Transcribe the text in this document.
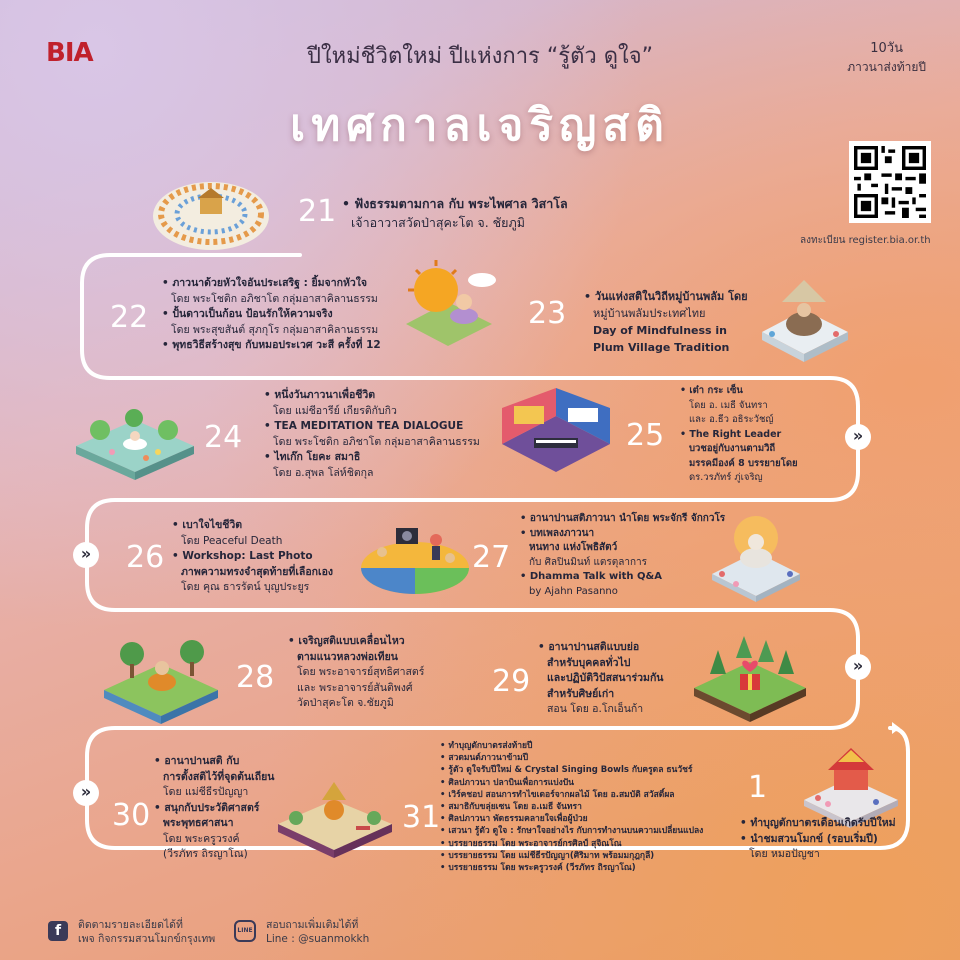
BIA	ปีใหม่ชีวิตใหม่ ปีแห่งการ “รู้ตัว ดูใจ”
เทศกาลเจริญสติ
10วัน
ภาวนาส่งท้ายปี
ลงทะเบียน register.bia.or.th
»
»
»
»
21
22	23
24	25
26	27
28	29
30	31
1
• ฟังธรรมตามกาล กับ พระไพศาล วิสาโล
เจ้าอาวาสวัดป่าสุคะโต จ. ชัยภูมิ
• ภาวนาด้วยหัวใจอันประเสริฐ : ยิ้มจากหัวใจ
โดย พระโชติก อภิชาโต กลุ่มอาสาคิลานธรรม
• ปั้นดาวเป็นก้อน ป้อนรักให้ความจริง
โดย พระสุขสันต์ สุภกุโร กลุ่มอาสาคิลานธรรม
• พุทธวิธีสร้างสุข กับหมอประเวศ วะสี ครั้งที่ 12
• วันแห่งสติในวิถีหมู่บ้านพลัม โดย
หมู่บ้านพลัมประเทศไทย
Day of Mindfulness in
Plum Village Tradition
• หนึ่งวันภาวนาเพื่อชีวิต
โดย แม่ชีอารีย์ เกียรติกับกิว
• TEA MEDITATION TEA DIALOGUE
โดย พระโชติก อภิชาโต กลุ่มอาสาคิลานธรรม
• ไทเก๊ก โยคะ สมาธิ
โดย อ.สุพล โล่ห์ชิตกุล
• เต๋า กระ เซ็น
โดย อ. เมธี จันทรา
และ อ.ธีว อธิระวัชญ์
• The Right Leader
บวชอยู่กับงานตามวิถี
มรรคมีองค์ 8 บรรยายโดย
ดร.วรภัทร์ ภู่เจริญ
• เบาใจไขชีวิต
โดย Peaceful Death
• Workshop: Last Photo
ภาพความทรงจำสุดท้ายที่เลือกเอง
โดย คุณ ธารรัตน์ บุญประยูร
• อานาปานสติภาวนา นำโดย พระจักรี จักกวโร
• บทเพลงภาวนา
หนทาง แห่งโพธิสัตว์
กับ ศิลปินมินท์ แตรตุลาการ
• Dhamma Talk with Q&A
by Ajahn Pasanno
• เจริญสติแบบเคลื่อนไหว
ตามแนวหลวงพ่อเทียน
โดย พระอาจารย์สุทธิศาสตร์
และ พระอาจารย์สันติพงศ์
วัดป่าสุคะโต จ.ชัยภูมิ
• อานาปานสติแบบย่อ
สำหรับบุคคลทั่วไป
และปฏิบัติวิปัสสนาร่วมกัน
สำหรับศิษย์เก่า
สอน โดย อ.โกเอ็นก้า
• อานาปานสติ กับ
การตั้งสติไว้ที่จุดต้นเถียน
โดย แม่ชีธีรปัญญา
• สนุกกับประวัติศาสตร์
พระพุทธศาสนา
โดย พระครูวรงค์
(วีรภัทร ถิรญาโณ)
• ทำบุญตักบาตรส่งท้ายปี
• สวดมนต์ภาวนาข้ามปี
• รู้ตัว ดูใจรับปีใหม่ & Crystal Singing Bowls กับครูดล ธนวัชร์
• ศิลปภาวนา ปลาบินเพื่อการแบ่งปัน
• เวิร์คชอป สอนการทำไขเดอร์จากผลไม้ โดย อ.สมบัติ สวัสดิ์ผล
• สมาธิกับขลุ่ยเซน โดย อ.เมธี จันทรา
• ศิลปภาวนา พัดธรรมคลายใจเพื่อผู้ป่วย
• เสวนา รู้ตัว ดูใจ : รักษาใจอย่างไร กับการทำงานบนความเปลี่ยนแปลง
• บรรยายธรรม โดย พระอาจารย์กรศิลป์ สุจิณโณ
• บรรยายธรรม โดย แม่ชีธีรปัญญา(ศิริมาท พร้อมมกุฎกุลี)
• บรรยายธรรม โดย พระครูวรงค์ (วีรภัทร ถิรญาโณ)
• ทำบุญตักบาตรเดือนเกิดรับปีใหม่
• นำชมสวนโมกข์ (รอบเริ่มปี)
โดย หมอปัญชา
f	ติดตามรายละเอียดได้ที่
เพจ กิจกรรมสวนโมกข์กรุงเทพ
LINE	สอบถามเพิ่มเติมได้ที่
Line : @suanmokkh
